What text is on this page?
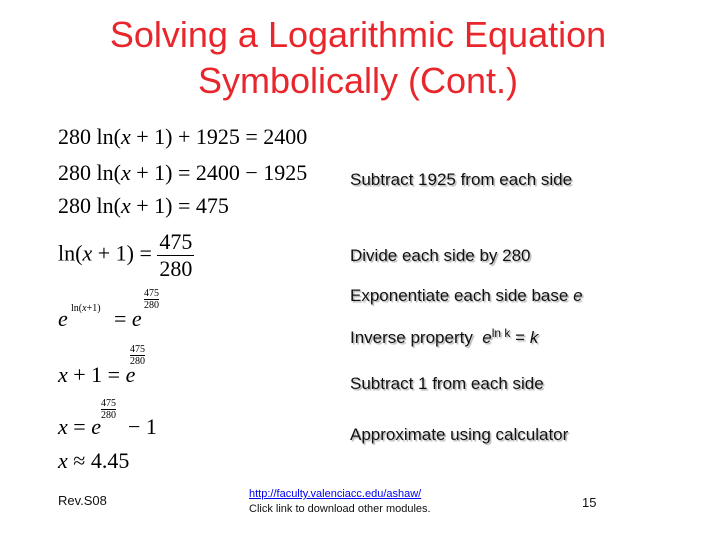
Solving a Logarithmic Equation
Symbolically (Cont.)
280 ln(x + 1) + 1925 = 2400
280 ln(x + 1) = 2400 − 1925
280 ln(x + 1) = 475
$\ln(x + 1) = \frac{475}{280}$
e ln(x+1) = e
$\frac{475}{280}$
x + 1 = e
475
280
x = e
475
280 − 1
x ≈ 4.45
Subtract 1925 from each side
Divide each side by 280
Exponentiate each side base e
Inverse property  $e^{ln k} = k$
Subtract 1 from each side
Approximate using calculator
Rev.S08	http://faculty.valenciacc.edu/ashaw/
Click link to download other modules.	15
